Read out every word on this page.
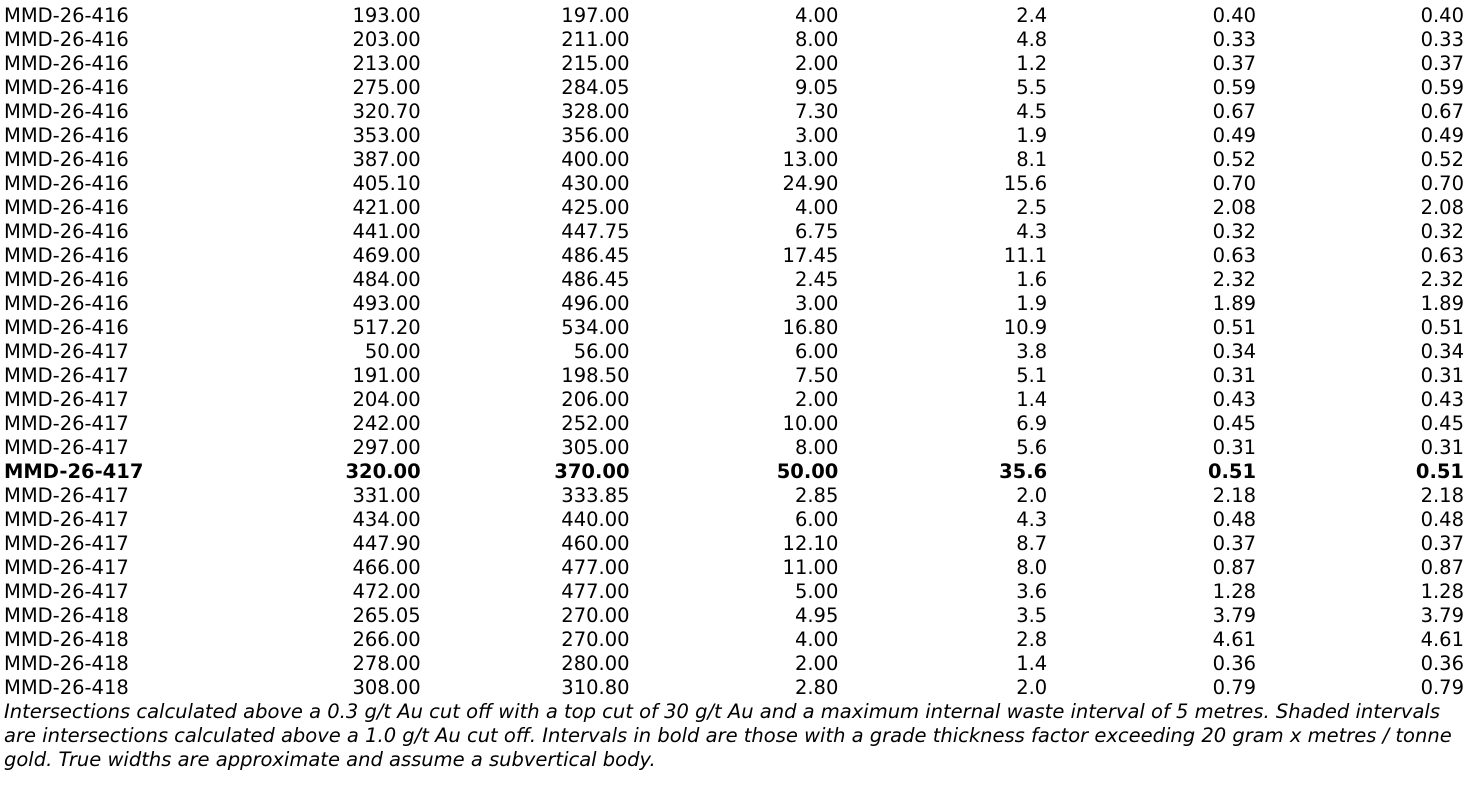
MMD-26-416	193.00	197.00	4.00	2.4	0.40	0.40
MMD-26-416	203.00	211.00	8.00	4.8	0.33	0.33
MMD-26-416	213.00	215.00	2.00	1.2	0.37	0.37
MMD-26-416	275.00	284.05	9.05	5.5	0.59	0.59
MMD-26-416	320.70	328.00	7.30	4.5	0.67	0.67
MMD-26-416	353.00	356.00	3.00	1.9	0.49	0.49
MMD-26-416	387.00	400.00	13.00	8.1	0.52	0.52
MMD-26-416	405.10	430.00	24.90	15.6	0.70	0.70
MMD-26-416	421.00	425.00	4.00	2.5	2.08	2.08
MMD-26-416	441.00	447.75	6.75	4.3	0.32	0.32
MMD-26-416	469.00	486.45	17.45	11.1	0.63	0.63
MMD-26-416	484.00	486.45	2.45	1.6	2.32	2.32
MMD-26-416	493.00	496.00	3.00	1.9	1.89	1.89
MMD-26-416	517.20	534.00	16.80	10.9	0.51	0.51
MMD-26-417	50.00	56.00	6.00	3.8	0.34	0.34
MMD-26-417	191.00	198.50	7.50	5.1	0.31	0.31
MMD-26-417	204.00	206.00	2.00	1.4	0.43	0.43
MMD-26-417	242.00	252.00	10.00	6.9	0.45	0.45
MMD-26-417	297.00	305.00	8.00	5.6	0.31	0.31
MMD-26-417	320.00	370.00	50.00	35.6	0.51	0.51
MMD-26-417	331.00	333.85	2.85	2.0	2.18	2.18
MMD-26-417	434.00	440.00	6.00	4.3	0.48	0.48
MMD-26-417	447.90	460.00	12.10	8.7	0.37	0.37
MMD-26-417	466.00	477.00	11.00	8.0	0.87	0.87
MMD-26-417	472.00	477.00	5.00	3.6	1.28	1.28
MMD-26-418	265.05	270.00	4.95	3.5	3.79	3.79
MMD-26-418	266.00	270.00	4.00	2.8	4.61	4.61
MMD-26-418	278.00	280.00	2.00	1.4	0.36	0.36
MMD-26-418	308.00	310.80	2.80	2.0	0.79	0.79

Intersections calculated above a 0.3 g/t Au cut off with a top cut of 30 g/t Au and a maximum internal waste interval of 5 metres. Shaded intervals are intersections calculated above a 1.0 g/t Au cut off. Intervals in bold are those with a grade thickness factor exceeding 20 gram x metres / tonne gold. True widths are approximate and assume a subvertical body.
